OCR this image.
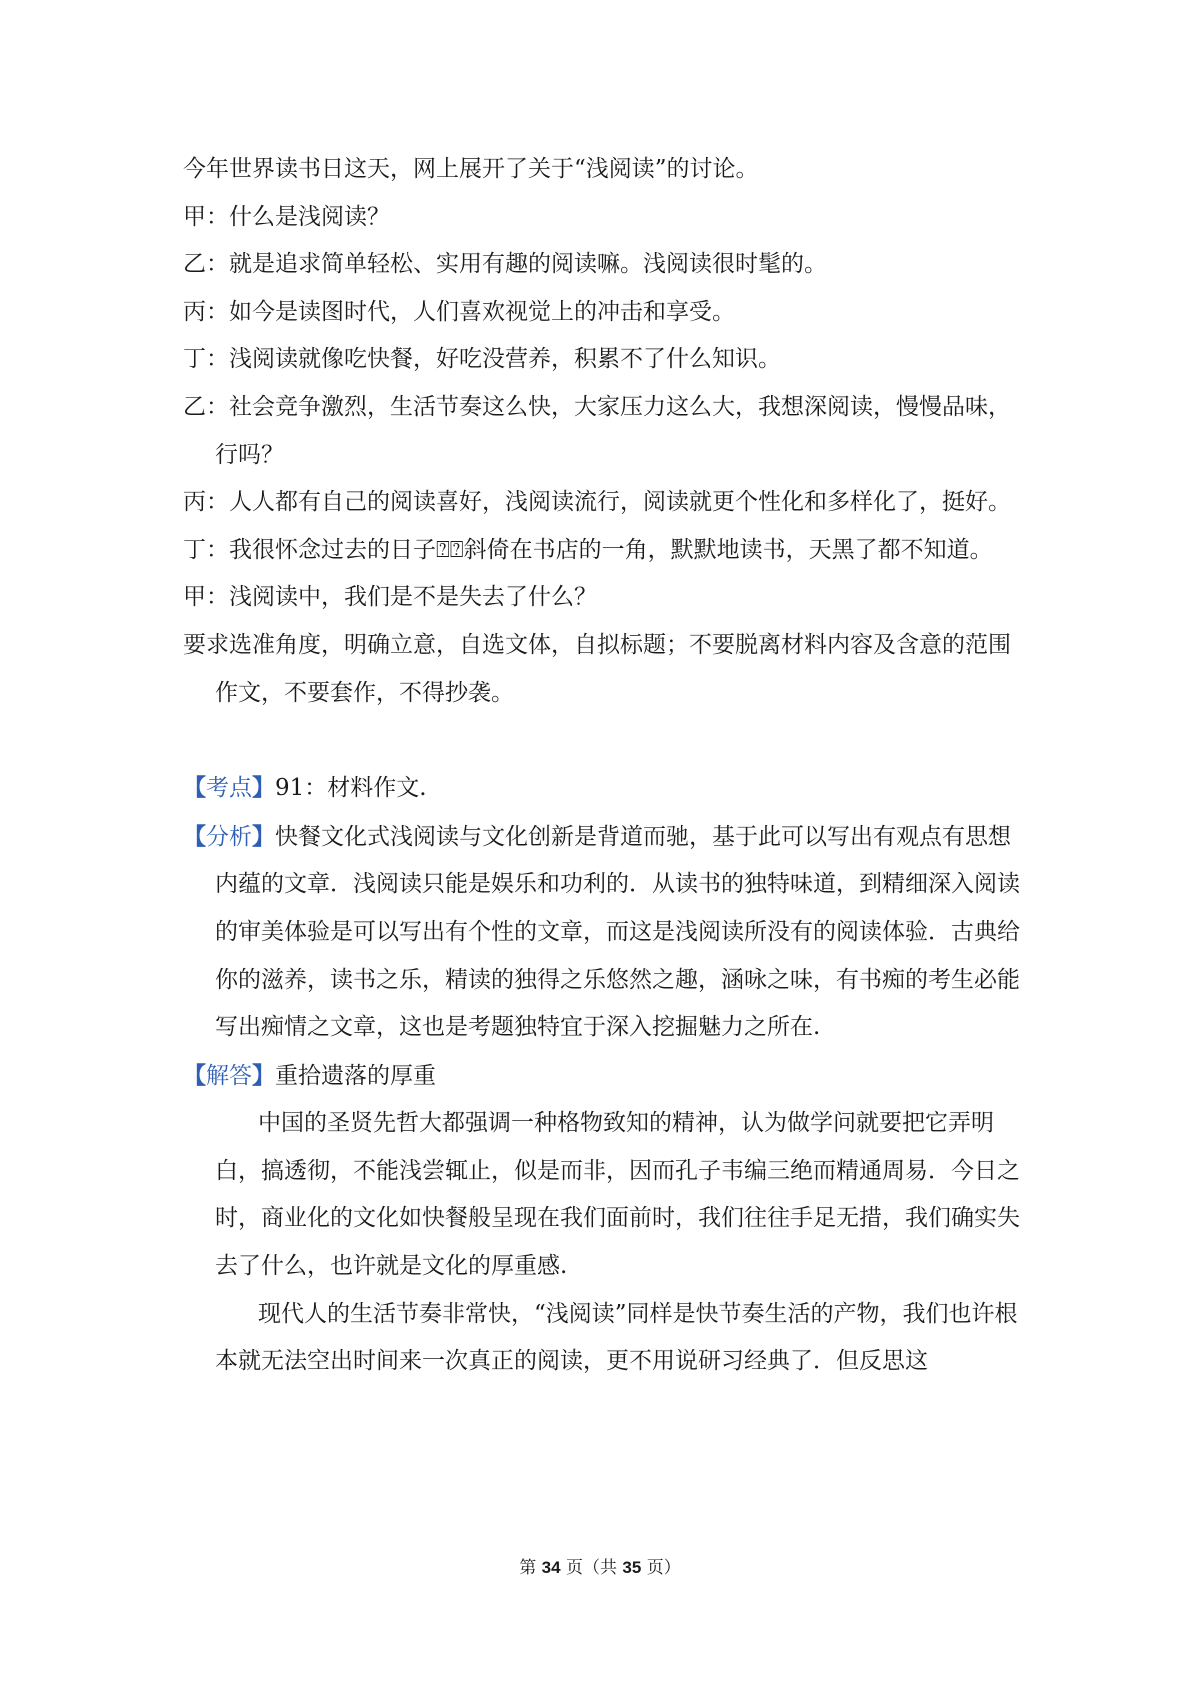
今年世界读书日这天，网上展开了关于“浅阅读”的讨论。

甲：什么是浅阅读？

乙：就是追求简单轻松、实用有趣的阅读嘛。浅阅读很时髦的。

丙：如今是读图时代，人们喜欢视觉上的冲击和享受。

丁：浅阅读就像吃快餐，好吃没营养，积累不了什么知识。

乙：社会竞争激烈，生活节奏这么快，大家压力这么大，我想深阅读，慢慢品味，行吗？

丙：人人都有自己的阅读喜好，浅阅读流行，阅读就更个性化和多样化了，挺好。

丁：我很怀念过去的日子⍰⍰斜倚在书店的一角，默默地读书，天黑了都不知道。

甲：浅阅读中，我们是不是失去了什么？

要求选准角度，明确立意，自选文体，自拟标题；不要脱离材料内容及含意的范围作文，不要套作，不得抄袭。

【考点】91：材料作文.

【分析】快餐文化式浅阅读与文化创新是背道而驰，基于此可以写出有观点有思想内蕴的文章．浅阅读只能是娱乐和功利的．从读书的独特味道，到精细深入阅读的审美体验是可以写出有个性的文章，而这是浅阅读所没有的阅读体验．古典给你的滋养，读书之乐，精读的独得之乐悠然之趣，涵咏之味，有书痴的考生必能写出痴情之文章，这也是考题独特宜于深入挖掘魅力之所在.

【解答】重拾遗落的厚重

中国的圣贤先哲大都强调一种格物致知的精神，认为做学问就要把它弄明白，搞透彻，不能浅尝辄止，似是而非，因而孔子韦编三绝而精通周易．今日之时，商业化的文化如快餐般呈现在我们面前时，我们往往手足无措，我们确实失去了什么，也许就是文化的厚重感.

现代人的生活节奏非常快，“浅阅读”同样是快节奏生活的产物，我们也许根本就无法空出时间来一次真正的阅读，更不用说研习经典了．但反思这

第 34 页（共 35 页）
